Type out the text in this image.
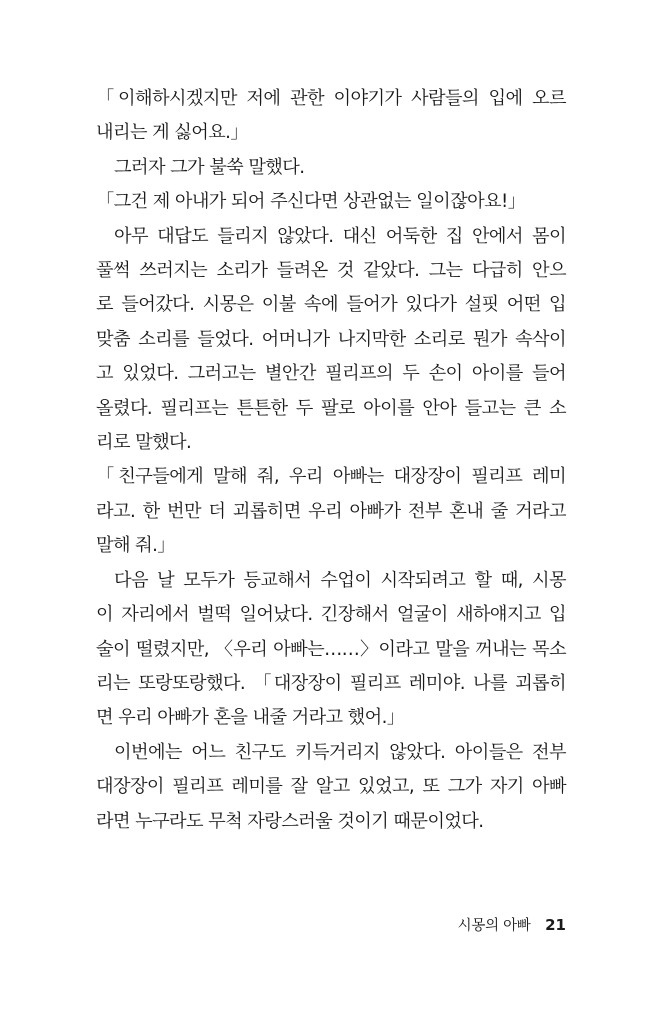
「이해하시겠지만 저에 관한 이야기가 사람들의 입에 오르
내리는 게 싫어요.」

그러자 그가 불쑥 말했다.

「그건 제 아내가 되어 주신다면 상관없는 일이잖아요!」

아무 대답도 들리지 않았다. 대신 어둑한 집 안에서 몸이
풀썩 쓰러지는 소리가 들려온 것 같았다. 그는 다급히 안으
로 들어갔다. 시몽은 이불 속에 들어가 있다가 설핏 어떤 입
맞춤 소리를 들었다. 어머니가 나지막한 소리로 뭔가 속삭이
고 있었다. 그러고는 별안간 필리프의 두 손이 아이를 들어
올렸다. 필리프는 튼튼한 두 팔로 아이를 안아 들고는 큰 소
리로 말했다.

「친구들에게 말해 줘, 우리 아빠는 대장장이 필리프 레미
라고. 한 번만 더 괴롭히면 우리 아빠가 전부 혼내 줄 거라고
말해 줘.」

다음 날 모두가 등교해서 수업이 시작되려고 할 때, 시몽
이 자리에서 벌떡 일어났다. 긴장해서 얼굴이 새하얘지고 입
술이 떨렸지만, 〈우리 아빠는……〉이라고 말을 꺼내는 목소
리는 또랑또랑했다. 「대장장이 필리프 레미야. 나를 괴롭히
면 우리 아빠가 혼을 내줄 거라고 했어.」

이번에는 어느 친구도 키득거리지 않았다. 아이들은 전부
대장장이 필리프 레미를 잘 알고 있었고, 또 그가 자기 아빠
라면 누구라도 무척 자랑스러울 것이기 때문이었다.

시몽의 아빠 21
